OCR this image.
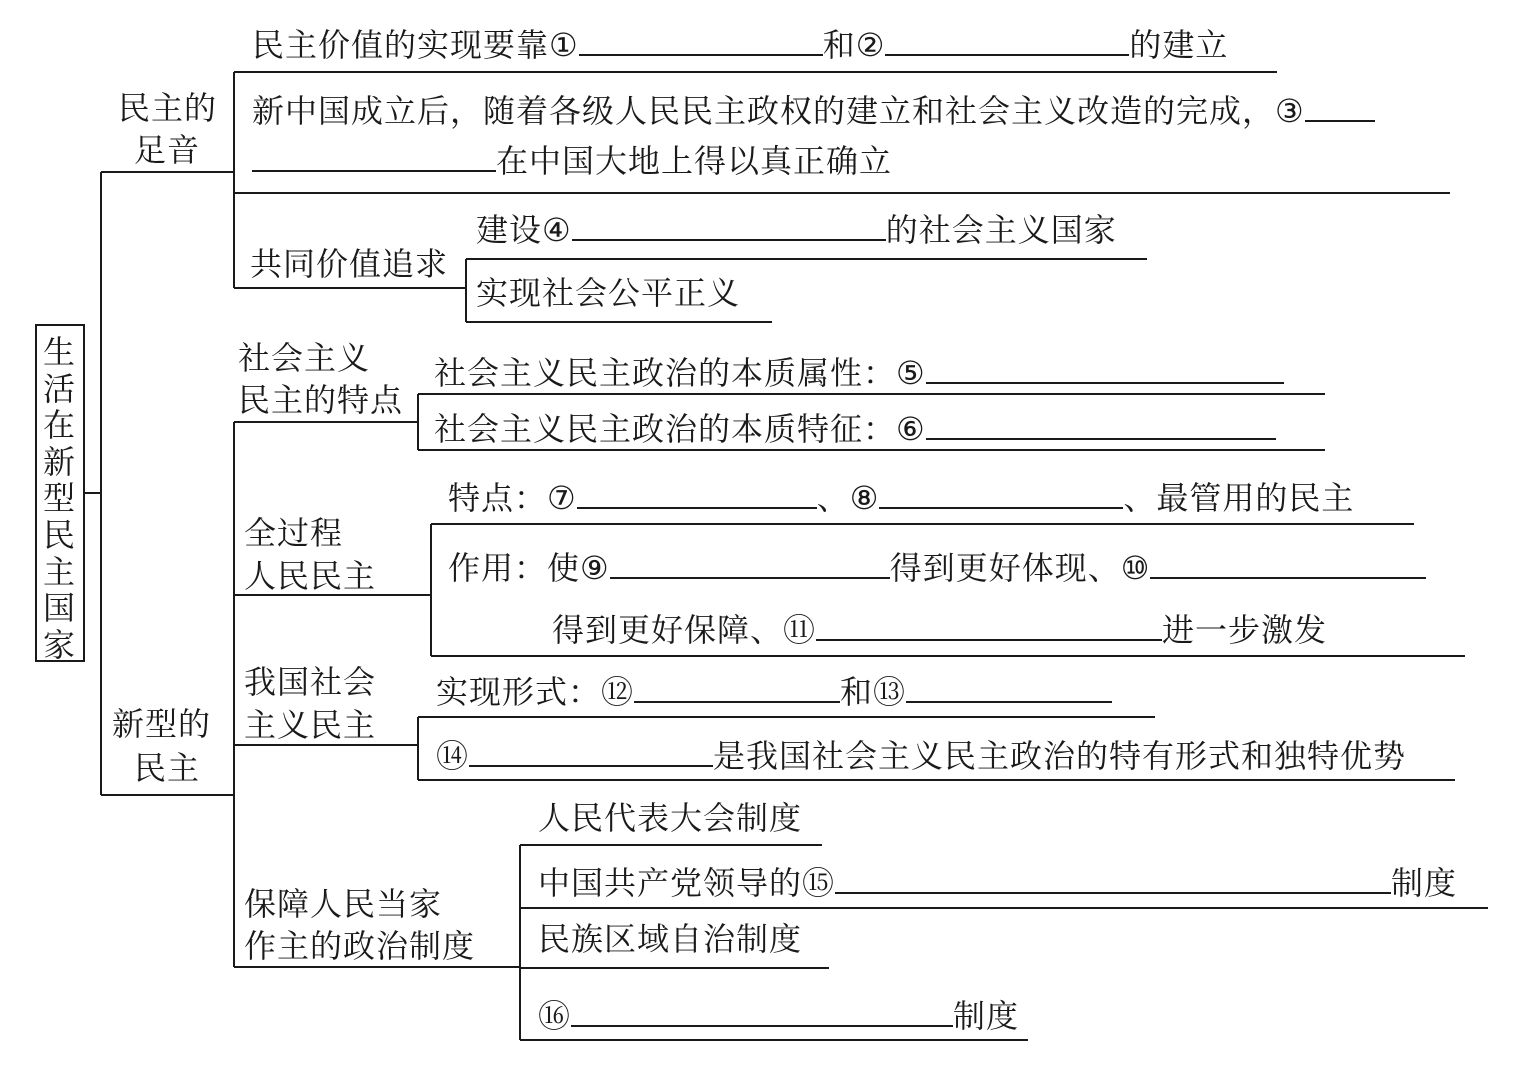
生活在新型民主国家
民主的
足音
民主价值的实现要靠①	和②	的建立
新中国成立后，随着各级人民民主政权的建立和社会主义改造的完成，③
在中国大地上得以真正确立
共同价值追求
建设④	的社会主义国家
实现社会公平正义
新型的
民主
社会主义
民主的特点
社会主义民主政治的本质属性：⑤
社会主义民主政治的本质特征：⑥
全过程
人民民主
特点：⑦	、⑧	、最管用的民主
作用：使⑨	得到更好体现、⑩
得到更好保障、⑪	进一步激发
我国社会
主义民主
实现形式：⑫	和⑬
⑭	是我国社会主义民主政治的特有形式和独特优势
保障人民当家
作主的政治制度
人民代表大会制度
中国共产党领导的⑮	制度
民族区域自治制度
⑯	制度
